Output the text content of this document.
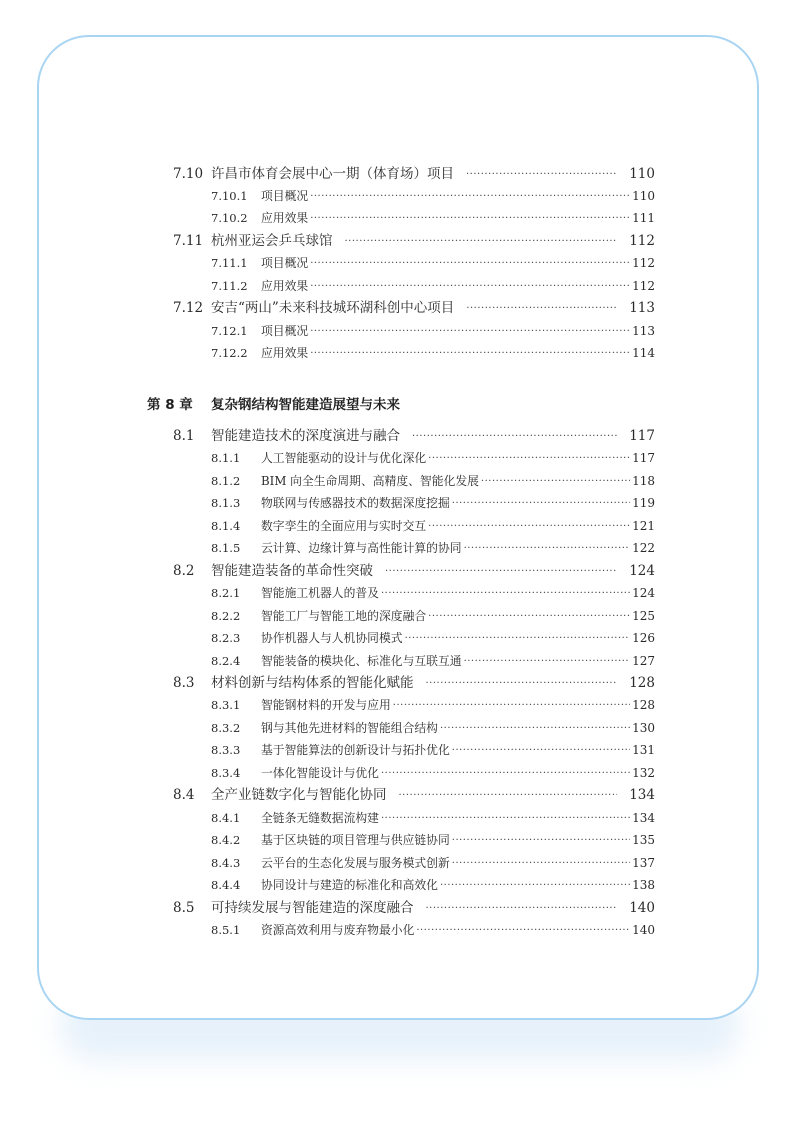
7.10 许昌市体育会展中心一期（体育场）项目 ·····	110
7.10.1	项目概况 ·····	110
7.10.2	应用效果 ·····	111
7.11 杭州亚运会乒乓球馆 ·····	112
7.11.1	项目概况 ·····	112
7.11.2	应用效果 ·····	112
7.12 安吉“两山”未来科技城环湖科创中心项目 ·····	113
7.12.1	项目概况 ·····	113
7.12.2	应用效果 ·····	114
第 8 章	复杂钢结构智能建造展望与未来
8.1	智能建造技术的深度演进与融合 ·····	117
8.1.1	人工智能驱动的设计与优化深化 ·····	117
8.1.2	BIM 向全生命周期、高精度、智能化发展 ·····	118
8.1.3	物联网与传感器技术的数据深度挖掘 ·····	119
8.1.4	数字孪生的全面应用与实时交互 ·····	121
8.1.5	云计算、边缘计算与高性能计算的协同 ·····	122
8.2	智能建造装备的革命性突破 ·····	124
8.2.1	智能施工机器人的普及 ·····	124
8.2.2	智能工厂与智能工地的深度融合 ·····	125
8.2.3	协作机器人与人机协同模式 ·····	126
8.2.4	智能装备的模块化、标准化与互联互通 ·····	127
8.3	材料创新与结构体系的智能化赋能 ·····	128
8.3.1	智能钢材料的开发与应用 ·····	128
8.3.2	钢与其他先进材料的智能组合结构 ·····	130
8.3.3	基于智能算法的创新设计与拓扑优化 ·····	131
8.3.4	一体化智能设计与优化 ·····	132
8.4	全产业链数字化与智能化协同 ·····	134
8.4.1	全链条无缝数据流构建 ·····	134
8.4.2	基于区块链的项目管理与供应链协同 ·····	135
8.4.3	云平台的生态化发展与服务模式创新 ·····	137
8.4.4	协同设计与建造的标准化和高效化 ·····	138
8.5	可持续发展与智能建造的深度融合 ·····	140
8.5.1	资源高效利用与废弃物最小化 ·····	140
